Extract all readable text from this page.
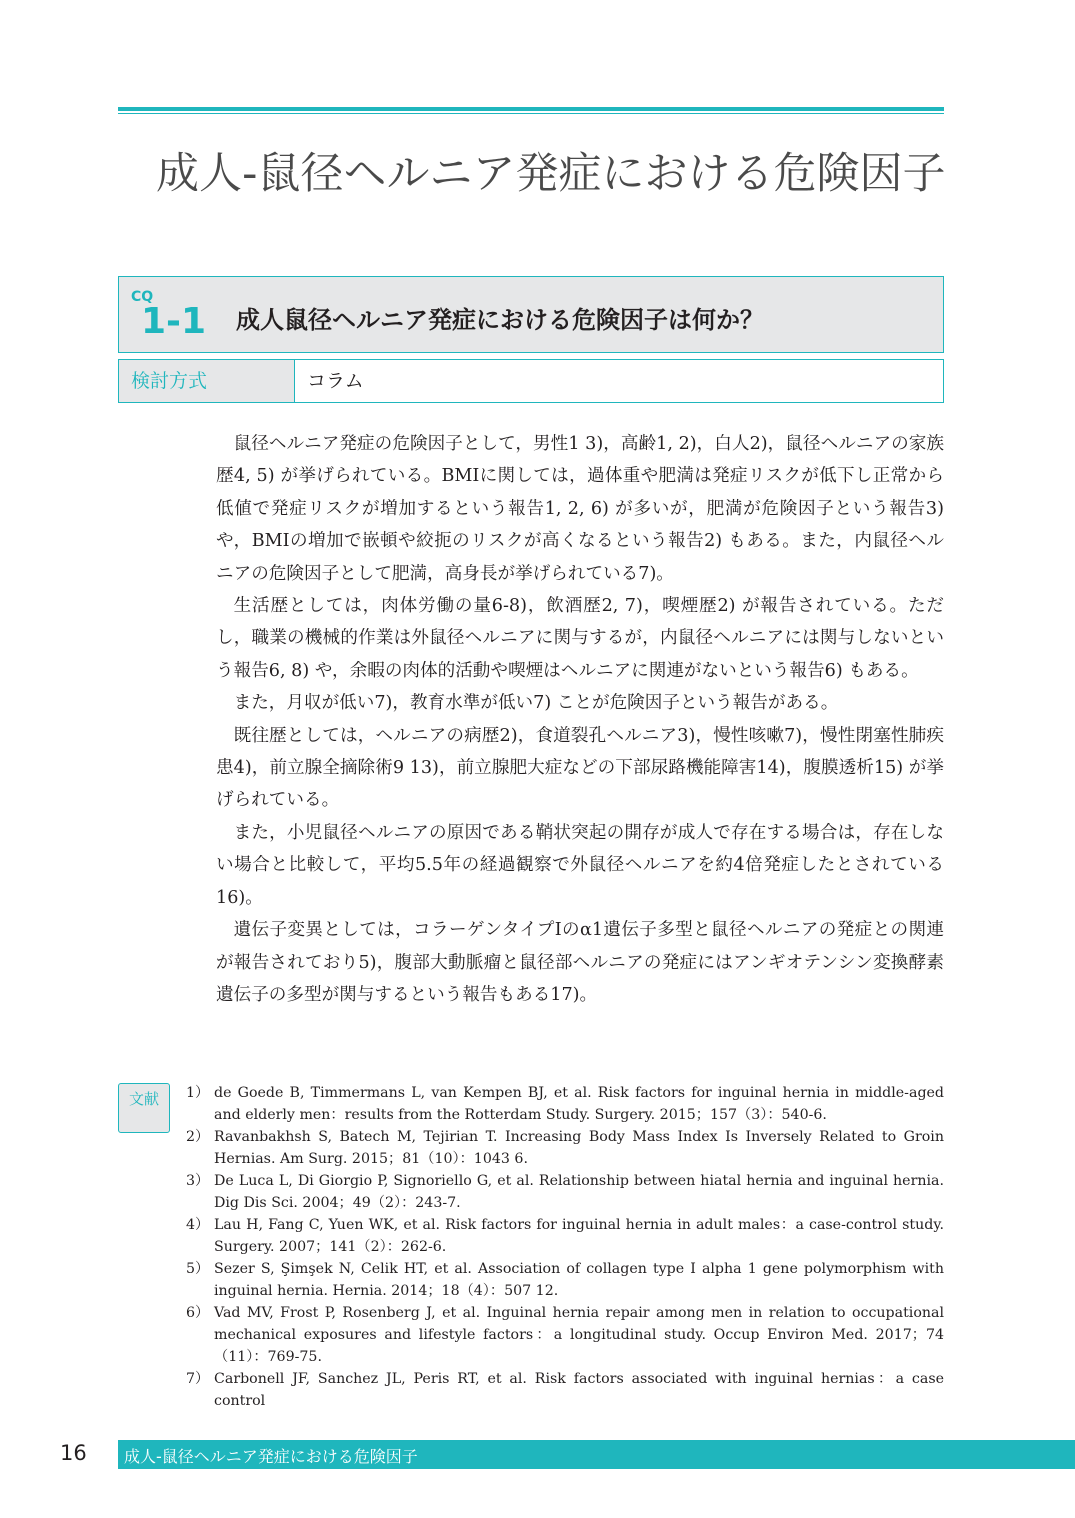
成人-鼠径ヘルニア発症における危険因子
CQ
1-1 成人鼠径ヘルニア発症における危険因子は何か？
検討方式	コラム

鼠径ヘルニア発症の危険因子として，男性1 3)，高齢1, 2)，白人2)，鼠径ヘルニアの家族歴4, 5) が挙げられている。BMIに関しては，過体重や肥満は発症リスクが低下し正常から低値で発症リスクが増加するという報告1, 2, 6) が多いが，肥満が危険因子という報告3) や，BMIの増加で嵌頓や絞扼のリスクが高くなるという報告2) もある。また，内鼠径ヘルニアの危険因子として肥満，高身長が挙げられている7)。

生活歴としては，肉体労働の量6-8)，飲酒歴2, 7)，喫煙歴2) が報告されている。ただし，職業の機械的作業は外鼠径ヘルニアに関与するが，内鼠径ヘルニアには関与しないという報告6, 8) や，余暇の肉体的活動や喫煙はヘルニアに関連がないという報告6) もある。

また，月収が低い7)，教育水準が低い7) ことが危険因子という報告がある。

既往歴としては，ヘルニアの病歴2)，食道裂孔ヘルニア3)，慢性咳嗽7)，慢性閉塞性肺疾患4)，前立腺全摘除術9 13)，前立腺肥大症などの下部尿路機能障害14)，腹膜透析15) が挙げられている。

また，小児鼠径ヘルニアの原因である鞘状突起の開存が成人で存在する場合は，存在しない場合と比較して，平均5.5年の経過観察で外鼠径ヘルニアを約4倍発症したとされている16)。

遺伝子変異としては，コラーゲンタイプⅠのα1遺伝子多型と鼠径ヘルニアの発症との関連が報告されており5)，腹部大動脈瘤と鼠径部ヘルニアの発症にはアンギオテンシン変換酵素遺伝子の多型が関与するという報告もある17)。

文献	1） de Goede B, Timmermans L, van Kempen BJ, et al. Risk factors for inguinal hernia in middle-aged and elderly men：results from the Rotterdam Study. Surgery. 2015；157（3）：540-6.
2） Ravanbakhsh S, Batech M, Tejirian T. Increasing Body Mass Index Is Inversely Related to Groin Hernias. Am Surg. 2015；81（10）：1043 6.
3） De Luca L, Di Giorgio P, Signoriello G, et al. Relationship between hiatal hernia and inguinal hernia. Dig Dis Sci. 2004；49（2）：243-7.
4） Lau H, Fang C, Yuen WK, et al. Risk factors for inguinal hernia in adult males：a case-control study. Surgery. 2007；141（2）：262-6.
5） Sezer S, Şimşek N, Celik HT, et al. Association of collagen type I alpha 1 gene polymorphism with inguinal hernia. Hernia. 2014；18（4）：507 12.
6） Vad MV, Frost P, Rosenberg J, et al. Inguinal hernia repair among men in relation to occupational mechanical exposures and lifestyle factors：a longitudinal study. Occup Environ Med. 2017；74（11）：769-75.
7） Carbonell JF, Sanchez JL, Peris RT, et al. Risk factors associated with inguinal hernias：a case control
16 成人-鼠径ヘルニア発症における危険因子
